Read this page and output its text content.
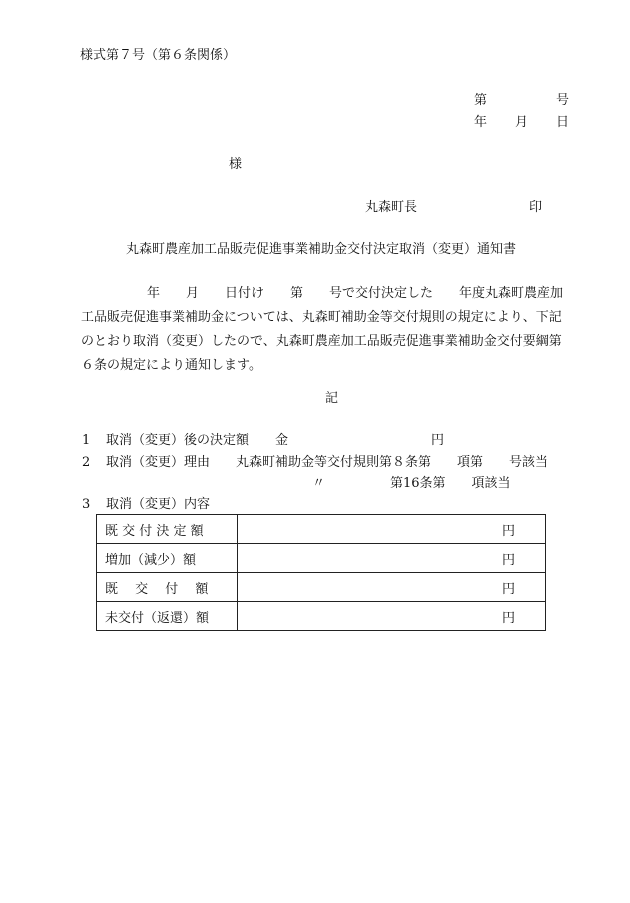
様式第７号（第６条関係）
第	号
年 月 日
様
丸森町長	印
丸森町農産加工品販売促進事業補助金交付決定取消（変更）通知書
年　　月　　日付け　　第　　号で交付決定した　　年度丸森町農産加
工品販売促進事業補助金については、丸森町補助金等交付規則の規定により、下記
のとおり取消（変更）したので、丸森町農産加工品販売促進事業補助金交付要綱第
６条の規定により通知します。
記
1 取消（変更）後の決定額　　金　　　　　　　　　　　円
2 取消（変更）理由　　丸森町補助金等交付規則第８条第　　項第　　号該当
〃　　　　　第16条第　　項該当
3 取消（変更）内容
既 交 付 決 定 額	円
増加（減少）額	円
既　 交　 付　 額	円
未交付（返還）額	円
